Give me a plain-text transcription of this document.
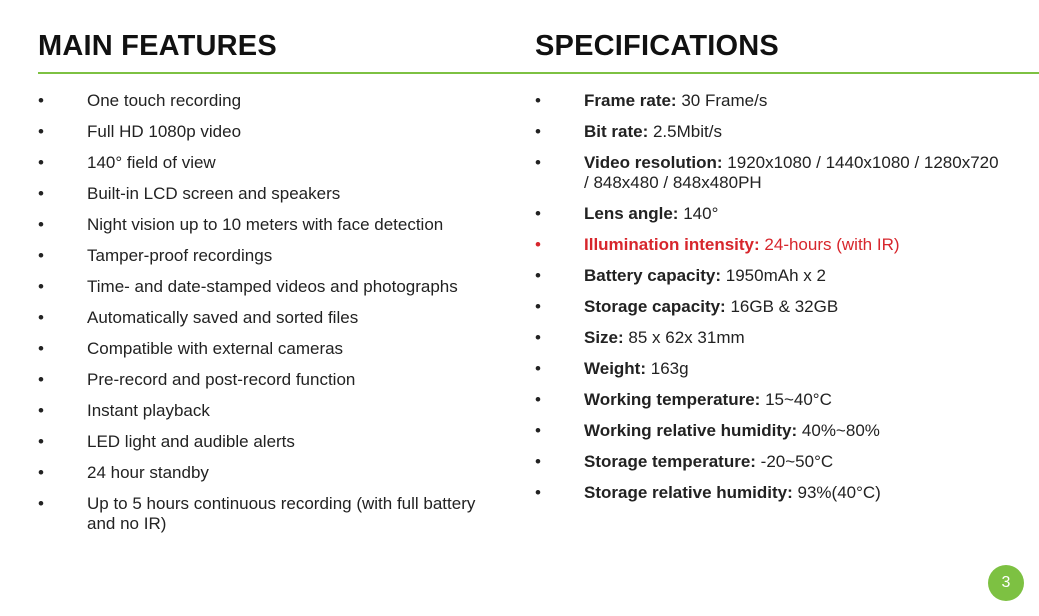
MAIN FEATURES
•	One touch recording
•	Full HD 1080p video
•	140° field of view
•	Built-in LCD screen and speakers
•	Night vision up to 10 meters with face detection
•	Tamper-proof recordings
•	Time- and date-stamped videos and photographs
•	Automatically saved and sorted files
•	Compatible with external cameras
•	Pre-record and post-record function
•	Instant playback
•	LED light and audible alerts
•	24 hour standby
•	Up to 5 hours continuous recording (with full battery and no IR)
SPECIFICATIONS
•	Frame rate: 30 Frame/s
•	Bit rate: 2.5Mbit/s
•	Video resolution: 1920x1080 / 1440x1080 / 1280x720 / 848x480 / 848x480PH
•	Lens angle: 140°
•	Illumination intensity: 24-hours (with IR)
•	Battery capacity: 1950mAh x 2
•	Storage capacity: 16GB & 32GB
•	Size: 85 x 62x 31mm
•	Weight: 163g
•	Working temperature: 15~40°C
•	Working relative humidity: 40%~80%
•	Storage temperature: -20~50°C
•	Storage relative humidity: 93%(40°C)
3
